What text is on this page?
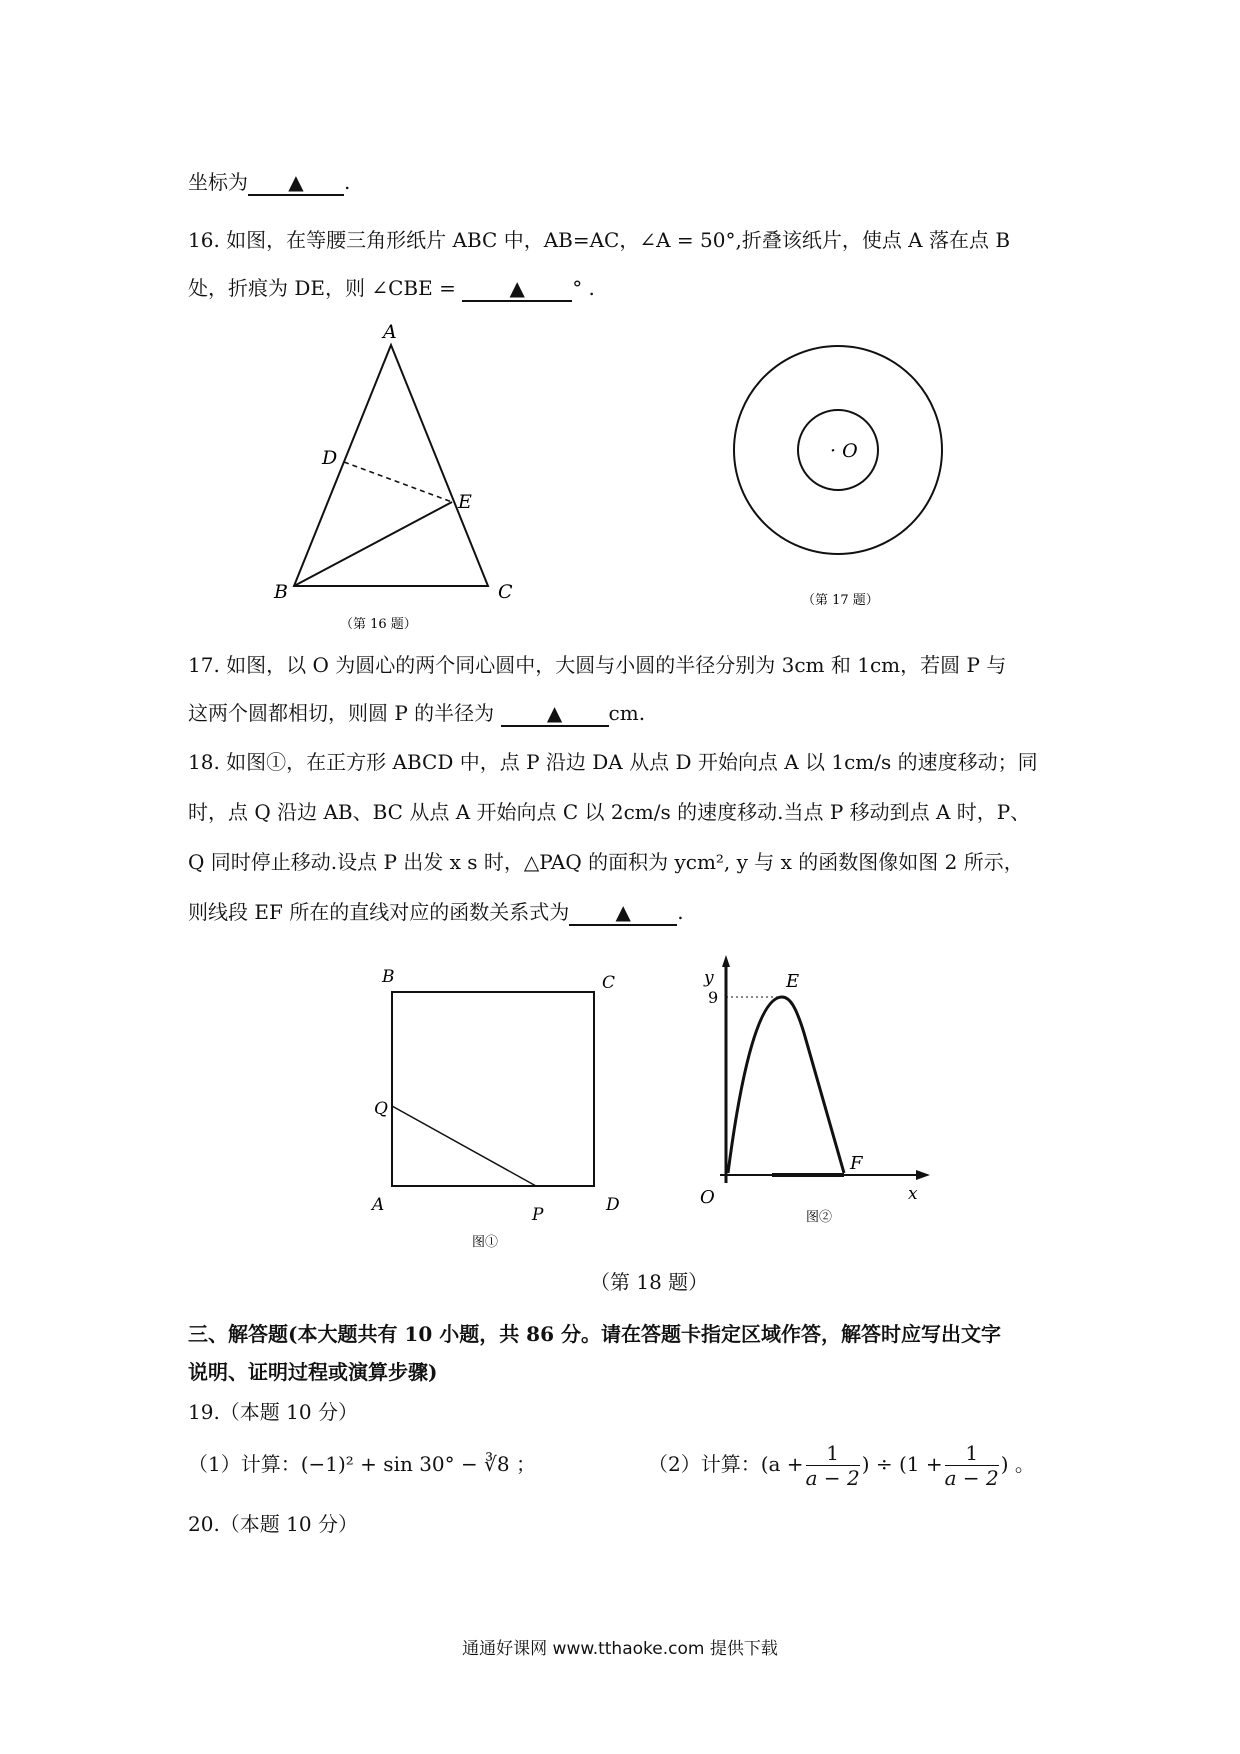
坐标为 ▲ .
16. 如图，在等腰三角形纸片 ABC 中，AB=AC，∠A = 50°,折叠该纸片，使点 A 落在点 B
处，折痕为 DE，则 ∠CBE =	▲ ° .
A
D
E
B	C
（第 16 题）
· O
（第 17 题）
17. 如图，以 O 为圆心的两个同心圆中，大圆与小圆的半径分别为 3cm 和 1cm，若圆 P 与
这两个圆都相切，则圆 P 的半径为	▲ cm.
18. 如图①，在正方形 ABCD 中，点 P 沿边 DA 从点 D 开始向点 A 以 1cm/s 的速度移动；同
时，点 Q 沿边 AB、BC 从点 A 开始向点 C 以 2cm/s 的速度移动.当点 P 移动到点 A 时，P、
Q 同时停止移动.设点 P 出发 x s 时，△PAQ 的面积为 ycm², y 与 x 的函数图像如图 2 所示，
则线段 EF 所在的直线对应的函数关系式为 ▲ .
B	C
Q
A	P	D
图①
y
9
E
F
O	x
图②
（第 18 题）
三、解答题(本大题共有 10 小题，共 86 分。请在答题卡指定区域作答，解答时应写出文字
说明、证明过程或演算步骤)
19.（本题 10 分）
（1）计算：(−1)² + sin 30° − ∛8 ；	（2）计算：($a + \frac{1}{a - 2}$ ) ÷ ($1 + \frac{1}{a - 2}$ ) 。
20.（本题 10 分）
通通好课网 www.tthaoke.com 提供下载
